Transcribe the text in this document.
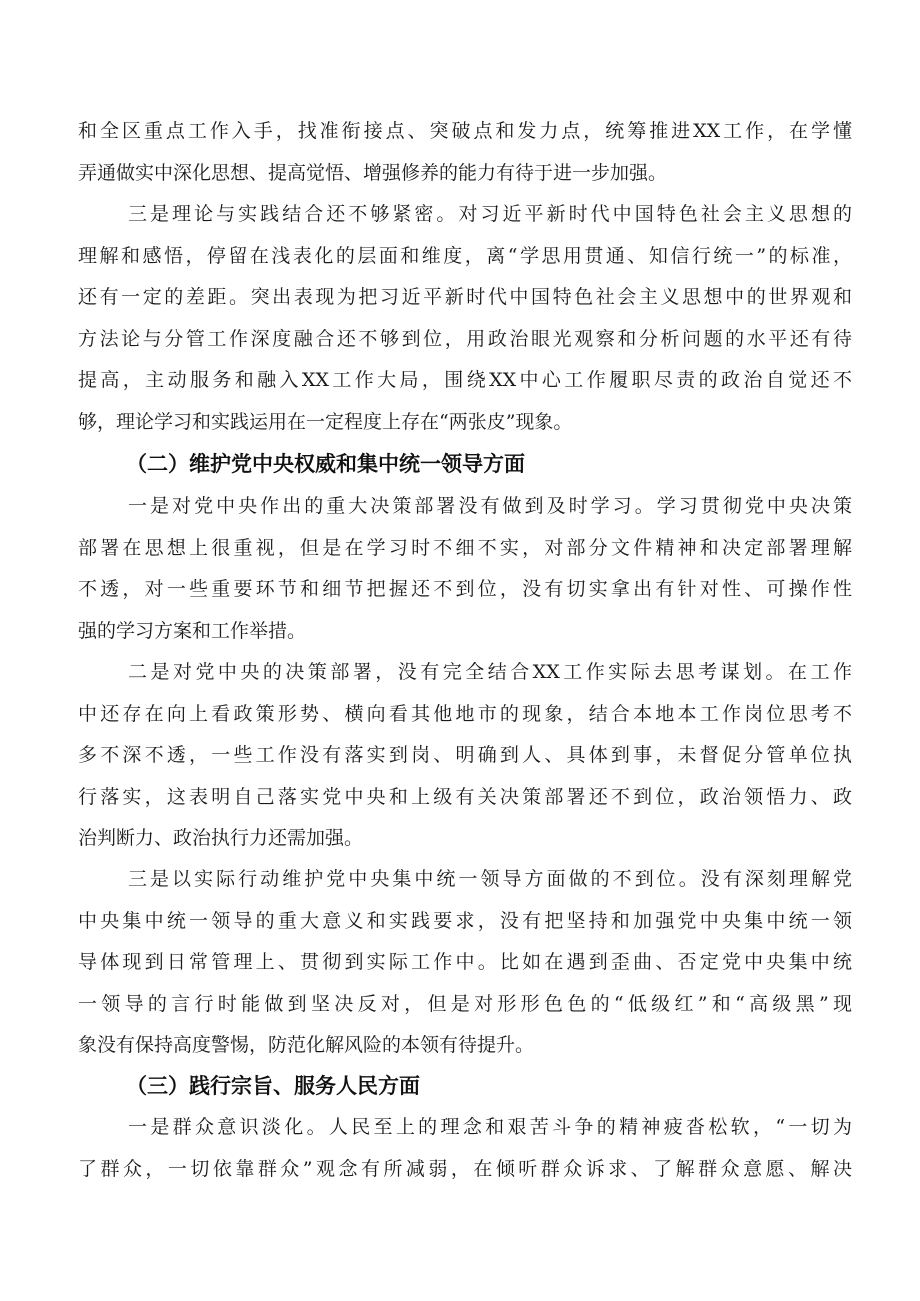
和全区重点工作入手，找准衔接点、突破点和发力点，统筹推进XX工作，在学懂
弄通做实中深化思想、提高觉悟、增强修养的能力有待于进一步加强。
三是理论与实践结合还不够紧密。对习近平新时代中国特色社会主义思想的
理解和感悟，停留在浅表化的层面和维度，离“学思用贯通、知信行统一”的标准，
还有一定的差距。突出表现为把习近平新时代中国特色社会主义思想中的世界观和
方法论与分管工作深度融合还不够到位，用政治眼光观察和分析问题的水平还有待
提高，主动服务和融入XX工作大局，围绕XX中心工作履职尽责的政治自觉还不
够，理论学习和实践运用在一定程度上存在“两张皮”现象。
（二）维护党中央权威和集中统一领导方面
一是对党中央作出的重大决策部署没有做到及时学习。学习贯彻党中央决策
部署在思想上很重视，但是在学习时不细不实，对部分文件精神和决定部署理解
不透，对一些重要环节和细节把握还不到位，没有切实拿出有针对性、可操作性
强的学习方案和工作举措。
二是对党中央的决策部署，没有完全结合XX工作实际去思考谋划。在工作
中还存在向上看政策形势、横向看其他地市的现象，结合本地本工作岗位思考不
多不深不透，一些工作没有落实到岗、明确到人、具体到事，未督促分管单位执
行落实，这表明自己落实党中央和上级有关决策部署还不到位，政治领悟力、政
治判断力、政治执行力还需加强。
三是以实际行动维护党中央集中统一领导方面做的不到位。没有深刻理解党
中央集中统一领导的重大意义和实践要求，没有把坚持和加强党中央集中统一领
导体现到日常管理上、贯彻到实际工作中。比如在遇到歪曲、否定党中央集中统
一领导的言行时能做到坚决反对，但是对形形色色的“低级红”和“高级黑”现
象没有保持高度警惕，防范化解风险的本领有待提升。
（三）践行宗旨、服务人民方面
一是群众意识淡化。人民至上的理念和艰苦斗争的精神疲沓松软，“一切为
了群众，一切依靠群众”观念有所减弱，在倾听群众诉求、了解群众意愿、解决
